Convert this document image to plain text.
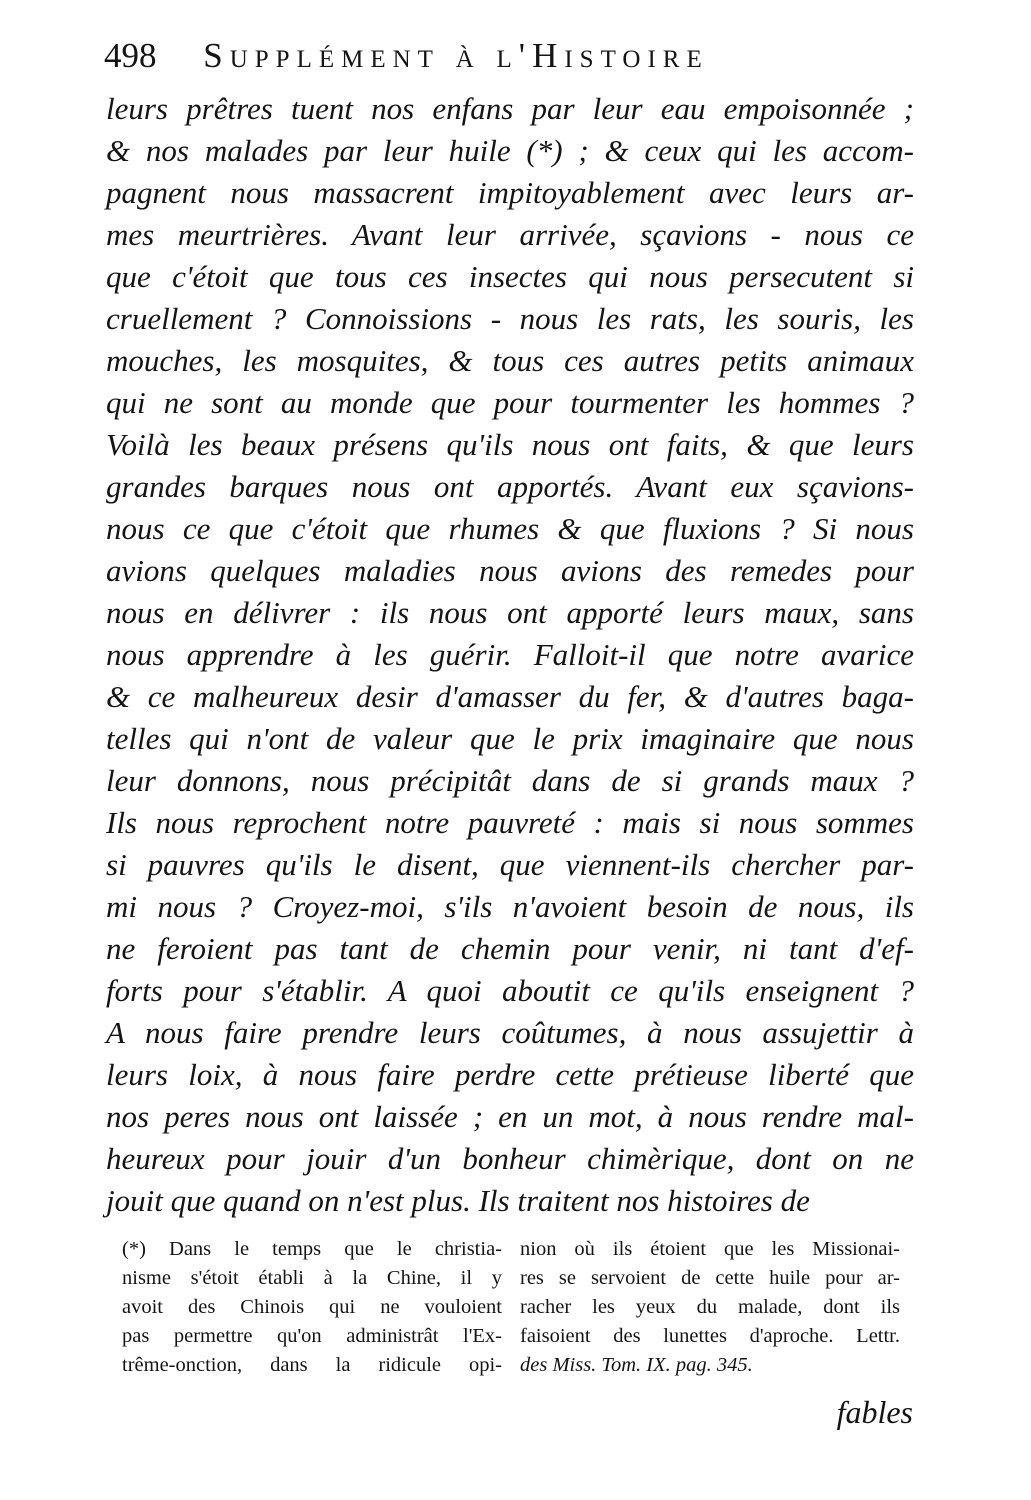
498 Supplément à l'Histoire
leurs prêtres tuent nos enfans par leur eau empoisonnée ;
& nos malades par leur huile (*) ; & ceux qui les accom-
pagnent nous massacrent impitoyablement avec leurs ar-
mes meurtrières. Avant leur arrivée, sçavions - nous ce
que c'étoit que tous ces insectes qui nous persecutent si
cruellement ? Connoissions - nous les rats, les souris, les
mouches, les mosquites, & tous ces autres petits animaux
qui ne sont au monde que pour tourmenter les hommes ?
Voilà les beaux présens qu'ils nous ont faits, & que leurs
grandes barques nous ont apportés. Avant eux sçavions-
nous ce que c'étoit que rhumes & que fluxions ? Si nous
avions quelques maladies nous avions des remedes pour
nous en délivrer : ils nous ont apporté leurs maux, sans
nous apprendre à les guérir. Falloit-il que notre avarice
& ce malheureux desir d'amasser du fer, & d'autres baga-
telles qui n'ont de valeur que le prix imaginaire que nous
leur donnons, nous précipitât dans de si grands maux ?
Ils nous reprochent notre pauvreté : mais si nous sommes
si pauvres qu'ils le disent, que viennent-ils chercher par-
mi nous ? Croyez-moi, s'ils n'avoient besoin de nous, ils
ne feroient pas tant de chemin pour venir, ni tant d'ef-
forts pour s'établir. A quoi aboutit ce qu'ils enseignent ?
A nous faire prendre leurs coûtumes, à nous assujettir à
leurs loix, à nous faire perdre cette prétieuse liberté que
nos peres nous ont laissée ; en un mot, à nous rendre mal-
heureux pour jouir d'un bonheur chimèrique, dont on ne
jouit que quand on n'est plus. Ils traitent nos histoires de
(*) Dans le temps que le christia-
nisme s'étoit établi à la Chine, il y
avoit des Chinois qui ne vouloient
pas permettre qu'on administrât l'Ex-
trême-onction, dans la ridicule opi-
nion où ils étoient que les Missionai-
res se servoient de cette huile pour ar-
racher les yeux du malade, dont ils
faisoient des lunettes d'aproche. Lettr.
des Miss. Tom. IX. pag. 345.
fables
